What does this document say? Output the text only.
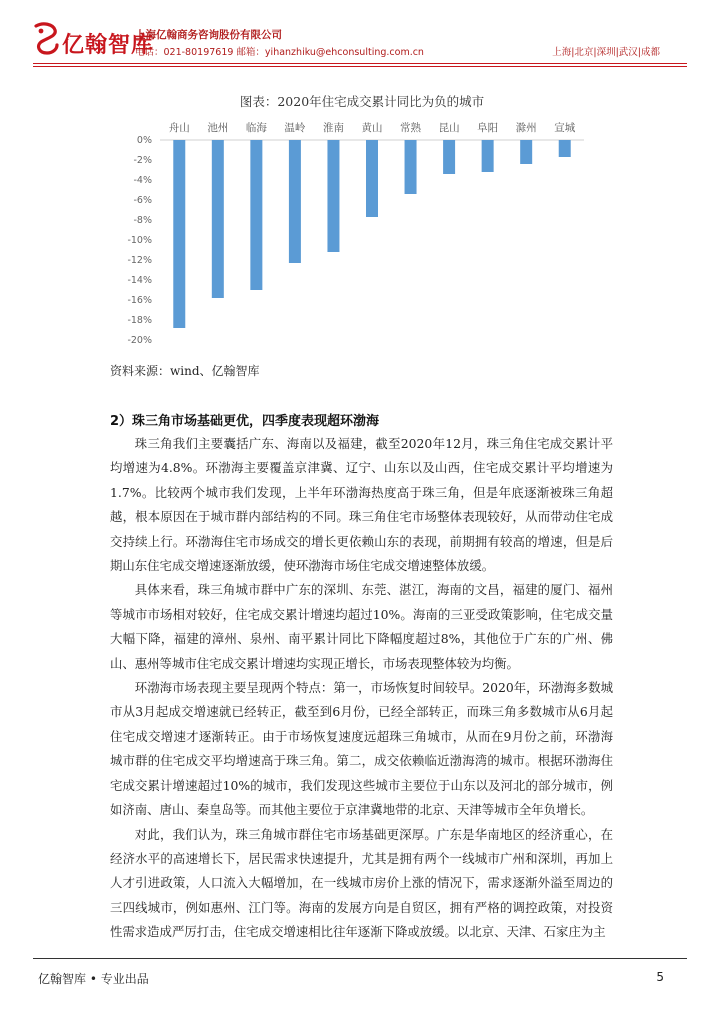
亿翰智库
上海亿翰商务咨询股份有限公司
电话：021-80197619 邮箱：yihanzhiku@ehconsulting.com.cn	上海|北京|深圳|武汉|成都
图表：2020年住宅成交累计同比为负的城市
0%
-2%
-4%
-6%
-8%
-10%
-12%
-14%
-16%
-18%
-20%
舟山 池州 临海 温岭 淮南 黄山 常熟 昆山 阜阳 滁州 宣城
资料来源：wind、亿翰智库
2）珠三角市场基础更优，四季度表现超环渤海

珠三角我们主要囊括广东、海南以及福建，截至2020年12月，珠三角住宅成交累计平均增速为4.8%。环渤海主要覆盖京津冀、辽宁、山东以及山西，住宅成交累计平均增速为1.7%。比较两个城市我们发现，上半年环渤海热度高于珠三角，但是年底逐渐被珠三角超越，根本原因在于城市群内部结构的不同。珠三角住宅市场整体表现较好，从而带动住宅成交持续上行。环渤海住宅市场成交的增长更依赖山东的表现，前期拥有较高的增速，但是后期山东住宅成交增速逐渐放缓，使环渤海市场住宅成交增速整体放缓。

具体来看，珠三角城市群中广东的深圳、东莞、湛江，海南的文昌，福建的厦门、福州等城市市场相对较好，住宅成交累计增速均超过10%。海南的三亚受政策影响，住宅成交量大幅下降，福建的漳州、泉州、南平累计同比下降幅度超过8%，其他位于广东的广州、佛山、惠州等城市住宅成交累计增速均实现正增长，市场表现整体较为均衡。

环渤海市场表现主要呈现两个特点：第一，市场恢复时间较早。2020年，环渤海多数城市从3月起成交增速就已经转正，截至到6月份，已经全部转正，而珠三角多数城市从6月起住宅成交增速才逐渐转正。由于市场恢复速度远超珠三角城市，从而在9月份之前，环渤海城市群的住宅成交平均增速高于珠三角。第二，成交依赖临近渤海湾的城市。根据环渤海住宅成交累计增速超过10%的城市，我们发现这些城市主要位于山东以及河北的部分城市，例如济南、唐山、秦皇岛等。而其他主要位于京津冀地带的北京、天津等城市全年负增长。

对此，我们认为，珠三角城市群住宅市场基础更深厚。广东是华南地区的经济重心，在经济水平的高速增长下，居民需求快速提升，尤其是拥有两个一线城市广州和深圳，再加上人才引进政策，人口流入大幅增加，在一线城市房价上涨的情况下，需求逐渐外溢至周边的三四线城市，例如惠州、江门等。海南的发展方向是自贸区，拥有严格的调控政策，对投资性需求造成严厉打击，住宅成交增速相比往年逐渐下降或放缓。以北京、天津、石家庄为主

亿翰智库 • 专业出品	5
